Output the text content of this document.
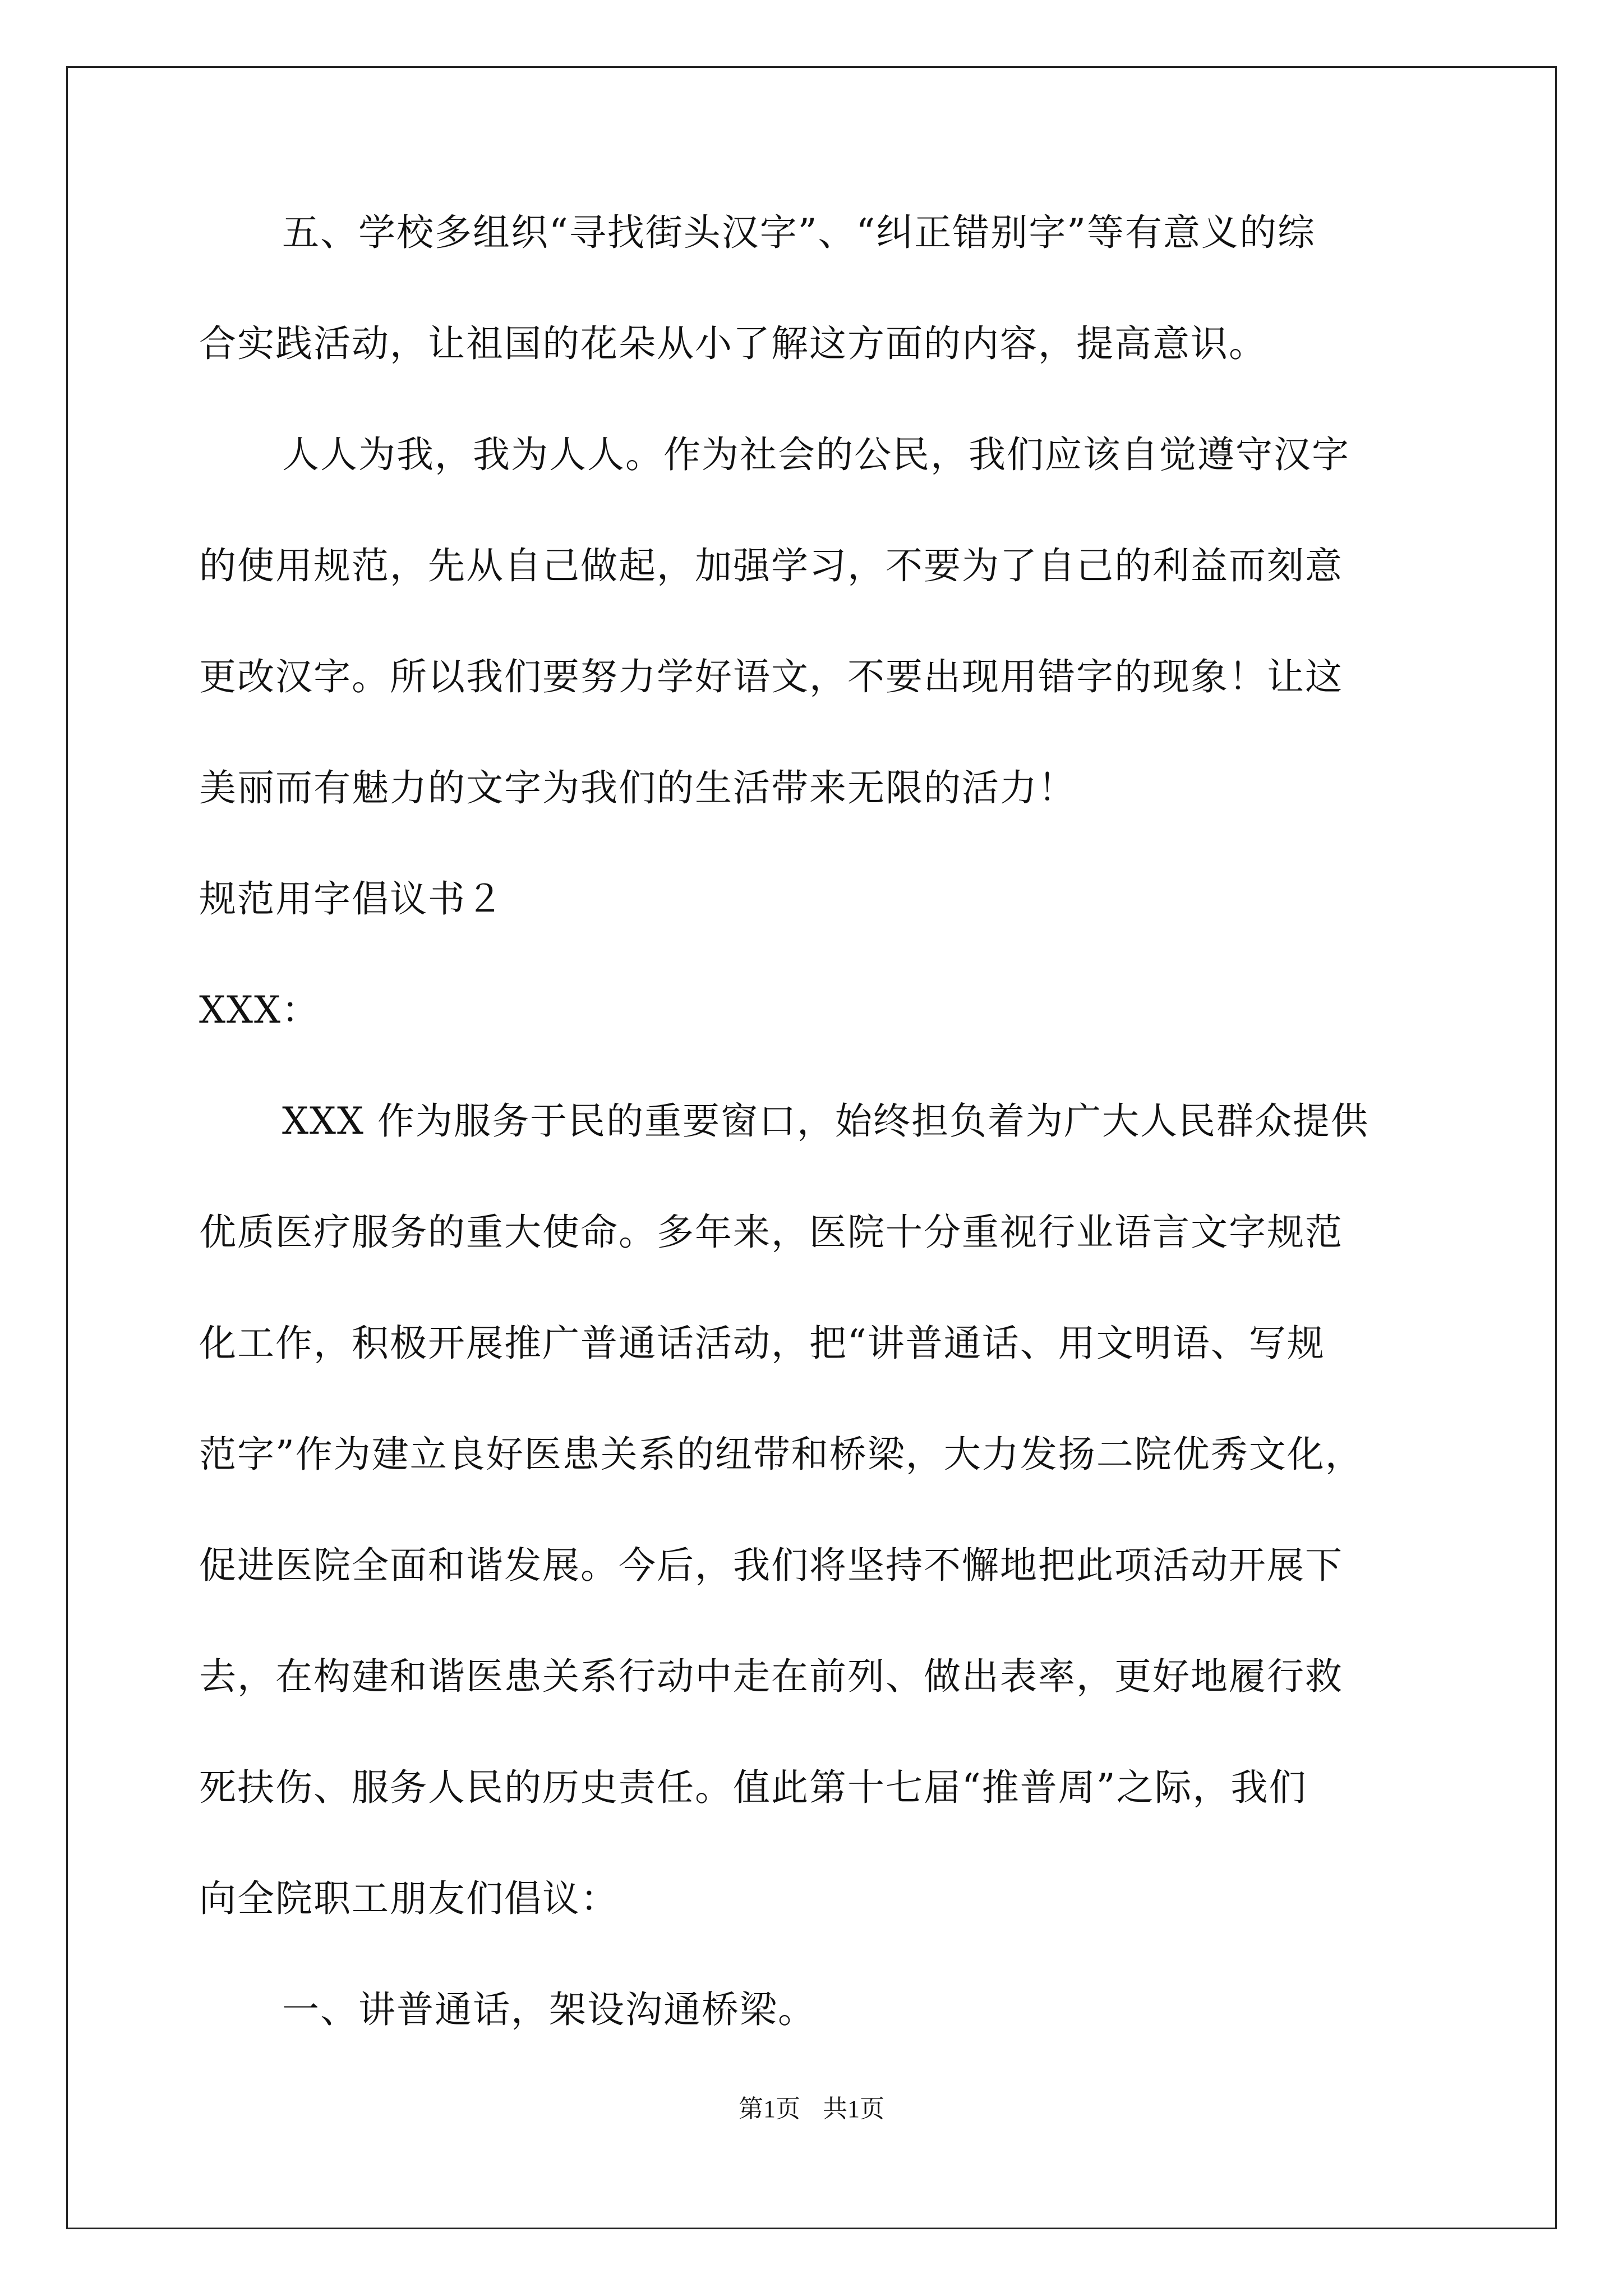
五、学校多组织“寻找街头汉字”、“纠正错别字”等有意义的综
合实践活动，让祖国的花朵从小了解这方面的内容，提高意识。
人人为我，我为人人。作为社会的公民，我们应该自觉遵守汉字
的使用规范，先从自己做起，加强学习，不要为了自己的利益而刻意
更改汉字。所以我们要努力学好语文，不要出现用错字的现象！让这
美丽而有魅力的文字为我们的生活带来无限的活力！
规范用字倡议书２
XXX：
XXX 作为服务于民的重要窗口，始终担负着为广大人民群众提供
优质医疗服务的重大使命。多年来，医院十分重视行业语言文字规范
化工作，积极开展推广普通话活动，把“讲普通话、用文明语、写规
范字”作为建立良好医患关系的纽带和桥梁，大力发扬二院优秀文化，
促进医院全面和谐发展。今后，我们将坚持不懈地把此项活动开展下
去，在构建和谐医患关系行动中走在前列、做出表率，更好地履行救
死扶伤、服务人民的历史责任。值此第十七届“推普周”之际，我们
向全院职工朋友们倡议：
一、讲普通话，架设沟通桥梁。
第1页 共1页
